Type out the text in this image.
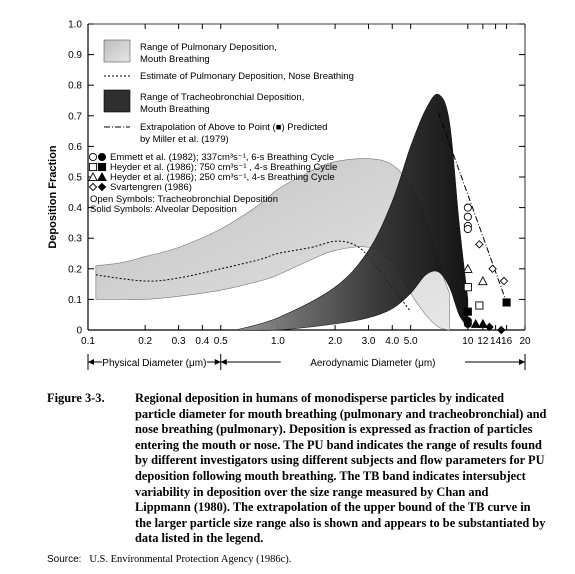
0
0.1
0.2
0.3
0.4
0.5
0.6
0.7
0.8
0.9
1.0
0.1	0.2 0.3 0.4 0.5	1.0	2.0 3.0 4.0 5.0	10 12 14 16 20
Deposition Fraction
Physical Diameter (μm)	Aerodynamic Diameter (μm)
Range of Pulmonary Deposition,
Mouth Breathing
Estimate of Pulmonary Deposition, Nose Breathing
Range of Tracheobronchial Deposition,
Mouth Breathing
Extrapolation of Above to Point (■) Predicted
by Miller et al. (1979)
Emmett et al. (1982); 337cm³s⁻¹, 6-s Breathing Cycle
Heyder et al. (1986); 750 cm³s⁻¹ , 4-s Breathing Cycle
Heyder et al. (1986); 250 cm³s⁻¹, 4-s Breathing Cycle
Svartengren (1986)
Open Symbols: Tracheobronchial Deposition
Solid Symbols: Alveolar Deposition
Figure 3-3. Regional deposition in humans of monodisperse particles by indicated particle diameter for mouth breathing (pulmonary and tracheobronchial) and nose breathing (pulmonary). Deposition is expressed as fraction of particles entering the mouth or nose. The PU band indicates the range of results found by different investigators using different subjects and flow parameters for PU deposition following mouth breathing. The TB band indicates intersubject variability in deposition over the size range measured by Chan and Lippmann (1980). The extrapolation of the upper bound of the TB curve in the larger particle size range also is shown and appears to be substantiated by data listed in the legend.
Source: U.S. Environmental Protection Agency (1986c).
